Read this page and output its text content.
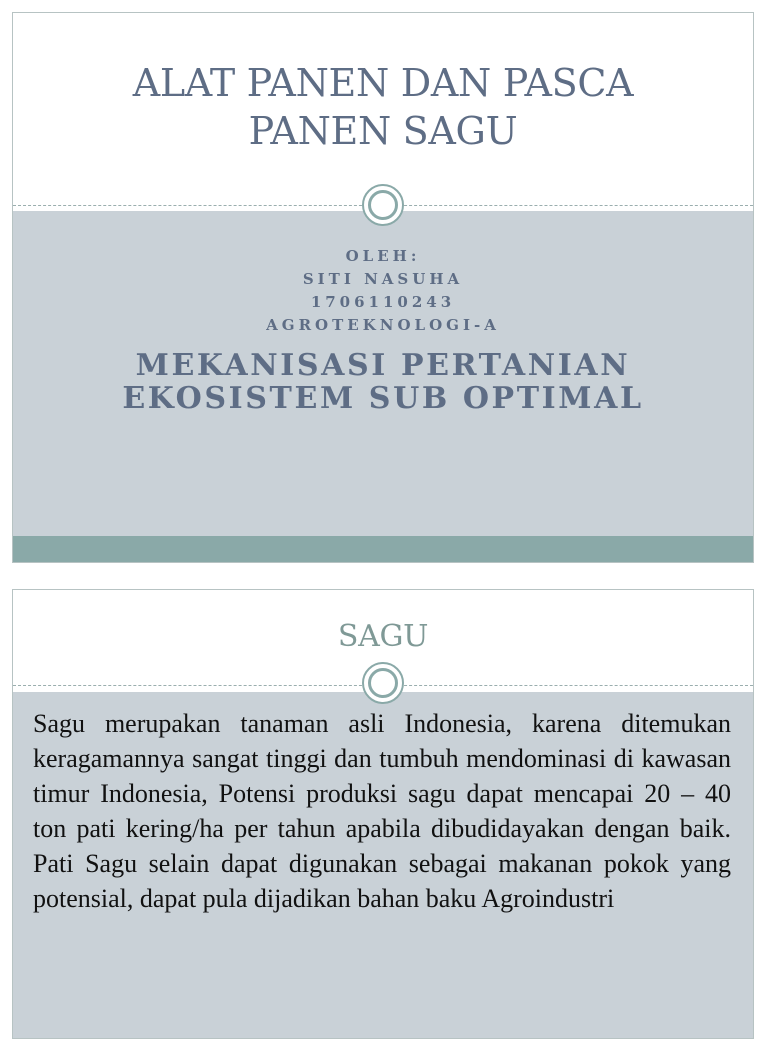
ALAT PANEN DAN PASCA PANEN SAGU
OLEH:
SITI NASUHA
1706110243
AGROTEKNOLOGI-A
MEKANISASI PERTANIAN
EKOSISTEM SUB OPTIMAL
SAGU

Sagu merupakan tanaman asli Indonesia, karena ditemukan keragamannya sangat tinggi dan tumbuh mendominasi di kawasan timur Indonesia, Potensi produksi sagu dapat mencapai 20 – 40 ton pati kering/ha per tahun apabila dibudidayakan dengan baik. Pati Sagu selain dapat digunakan sebagai makanan pokok yang potensial, dapat pula dijadikan bahan baku Agroindustri
